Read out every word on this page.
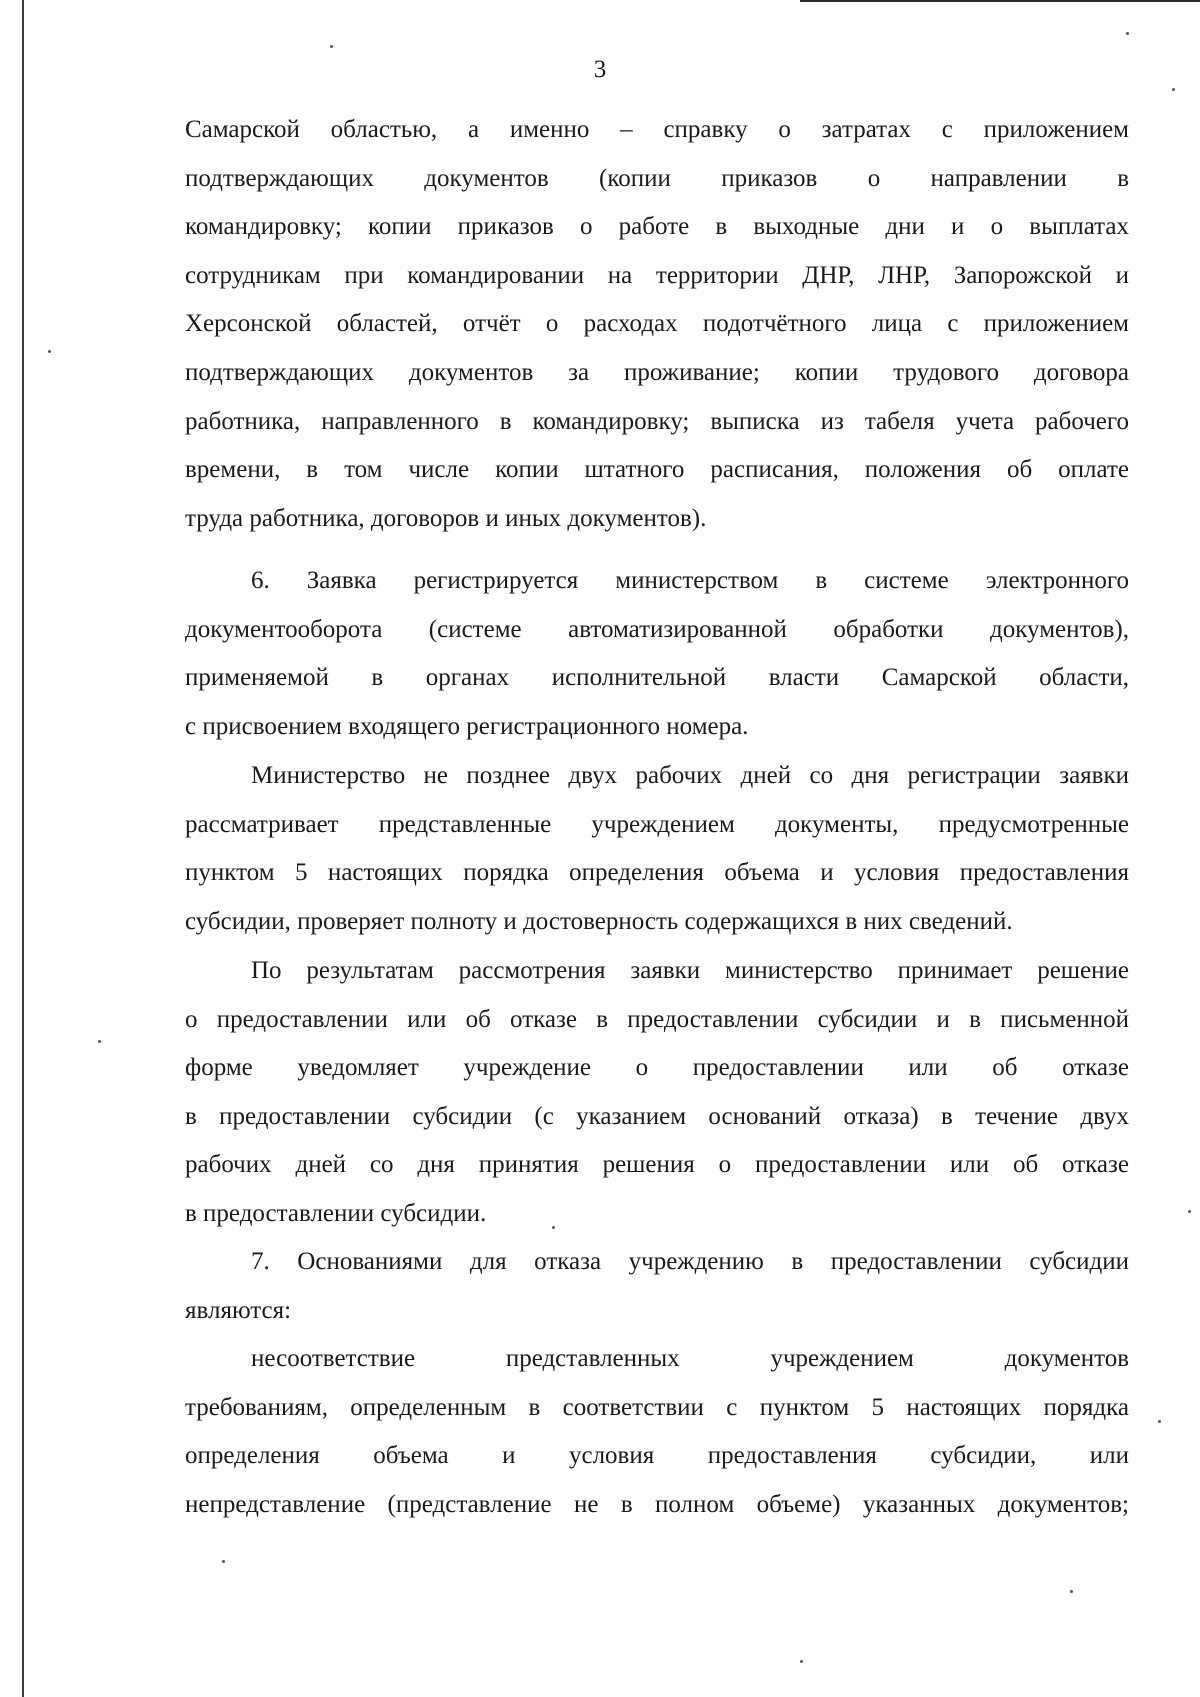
3
Самарской областью, а именно – справку о затратах с приложением
подтверждающих документов (копии приказов о направлении в
командировку; копии приказов о работе в выходные дни и о выплатах
сотрудникам при командировании на территории ДНР, ЛНР, Запорожской и
Херсонской областей, отчёт о расходах подотчётного лица с приложением
подтверждающих документов за проживание; копии трудового договора
работника, направленного в командировку; выписка из табеля учета рабочего
времени, в том числе копии штатного расписания, положения об оплате
труда работника, договоров и иных документов).
6. Заявка регистрируется министерством в системе электронного
документооборота (системе автоматизированной обработки документов),
применяемой в органах исполнительной власти Самарской области,
с присвоением входящего регистрационного номера.
Министерство не позднее двух рабочих дней со дня регистрации заявки
рассматривает представленные учреждением документы, предусмотренные
пунктом 5 настоящих порядка определения объема и условия предоставления
субсидии, проверяет полноту и достоверность содержащихся в них сведений.
По результатам рассмотрения заявки министерство принимает решение
о предоставлении или об отказе в предоставлении субсидии и в письменной
форме уведомляет учреждение о предоставлении или об отказе
в предоставлении субсидии (с указанием оснований отказа) в течение двух
рабочих дней со дня принятия решения о предоставлении или об отказе
в предоставлении субсидии.
7. Основаниями для отказа учреждению в предоставлении субсидии
являются:
несоответствие представленных учреждением документов
требованиям, определенным в соответствии с пунктом 5 настоящих порядка
определения объема и условия предоставления субсидии, или
непредставление (представление не в полном объеме) указанных документов;
